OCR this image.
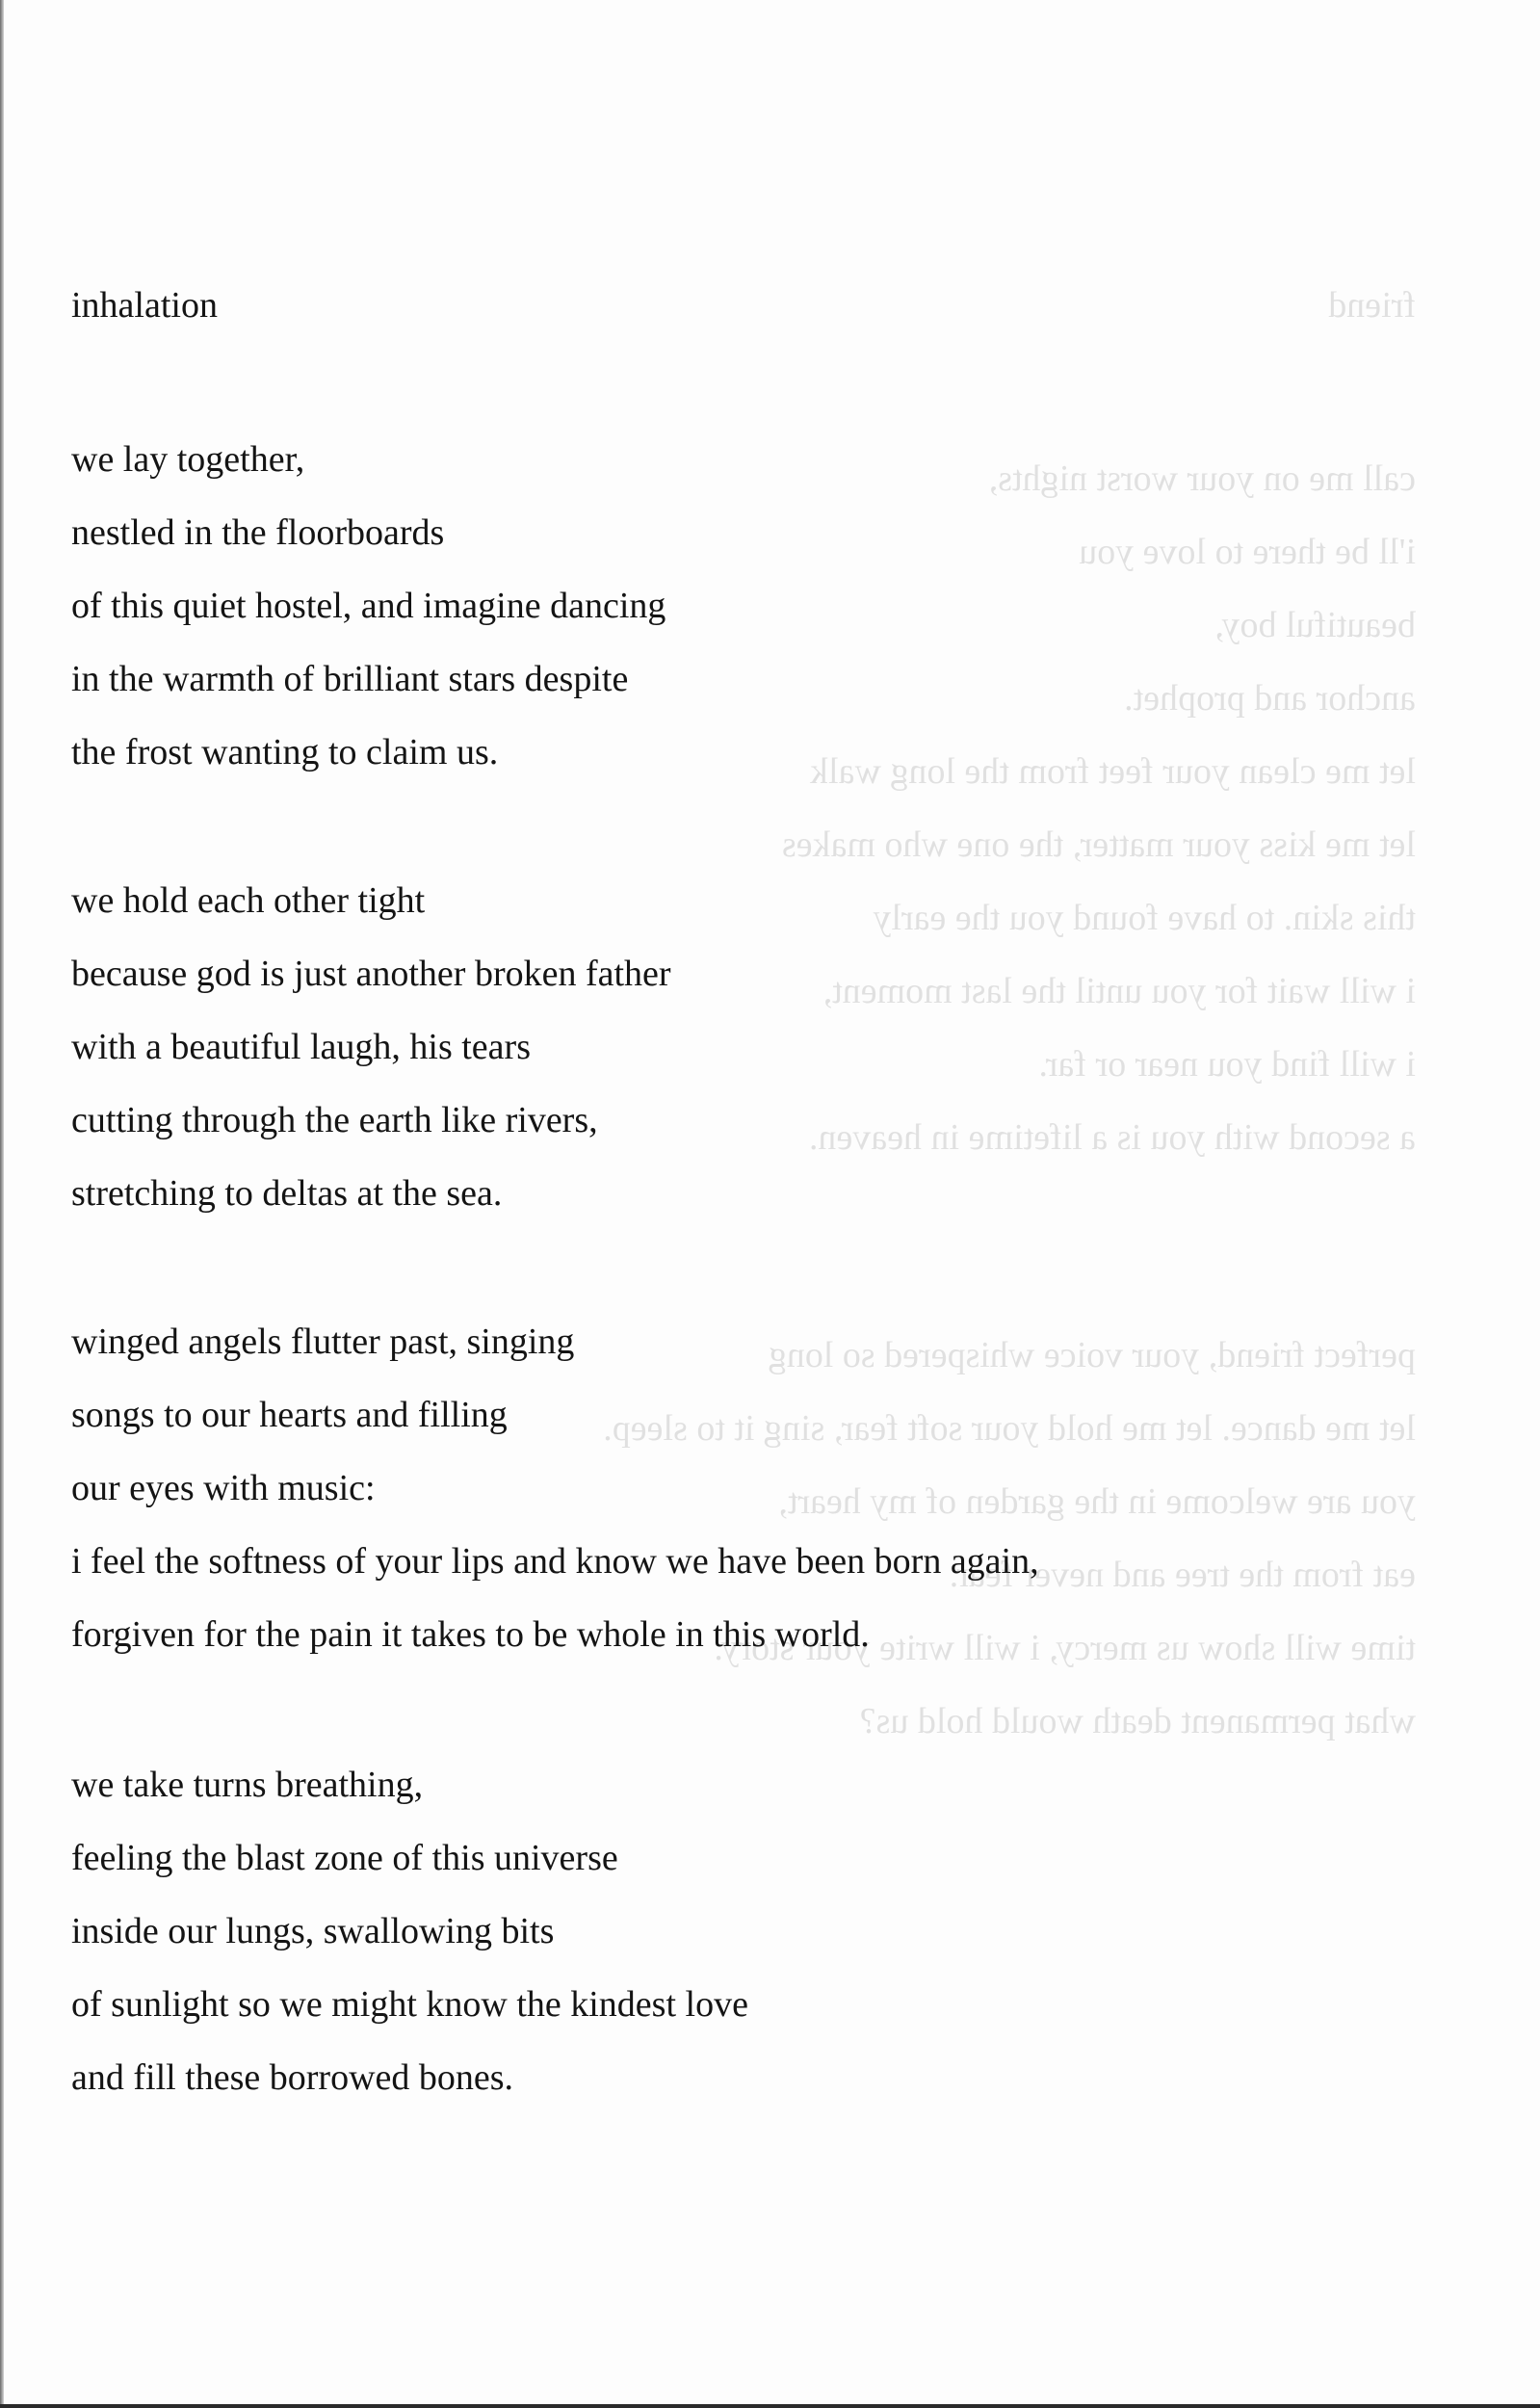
friend
call me on your worst nights,
i'll be there to love you
beautiful boy,
anchor and prophet.
let me clean your feet from the long walk
let me kiss your matter, the one who makes
this skin. to have found you the early
i will wait for you until the last moment,
i will find you near or far.
a second with you is a lifetime in heaven.
perfect friend, your voice whispered so long
let me dance. let me hold your soft fear, sing it to sleep.
you are welcome in the garden of my heart,
eat from the tree and never fear.
time will show us mercy, i will write your story.
what permanent death would hold us?
inhalation
we lay together,
nestled in the floorboards
of this quiet hostel, and imagine dancing
in the warmth of brilliant stars despite
the frost wanting to claim us.
we hold each other tight
because god is just another broken father
with a beautiful laugh, his tears
cutting through the earth like rivers,
stretching to deltas at the sea.
winged angels flutter past, singing
songs to our hearts and filling
our eyes with music:
i feel the softness of your lips and know we have been born again,
forgiven for the pain it takes to be whole in this world.
we take turns breathing,
feeling the blast zone of this universe
inside our lungs, swallowing bits
of sunlight so we might know the kindest love
and fill these borrowed bones.
